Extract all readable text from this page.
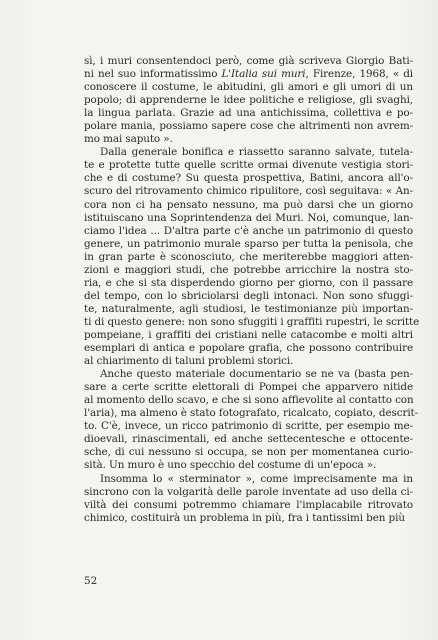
sì, i muri consentendoci però, come già scriveva Giorgio Bati-
ni nel suo informatissimo L'Italia sui muri, Firenze, 1968, « di
conoscere il costume, le abitudini, gli amori e gli umori di un
popolo; di apprenderne le idee politiche e religiose, gli svaghi,
la lingua parlata. Grazie ad una antichissima, collettiva e po-
polare mania, possiamo sapere cose che altrimenti non avrem-
mo mai saputo ».
Dalla generale bonifica e riassetto saranno salvate, tutela-
te e protette tutte quelle scritte ormai divenute vestigia stori-
che e di costume? Su questa prospettiva, Batini, ancora all'o-
scuro del ritrovamento chimico ripulitore, così seguitava: « An-
cora non ci ha pensato nessuno, ma può darsi che un giorno
istituiscano una Soprintendenza dei Muri. Noi, comunque, lan-
ciamo l'idea ... D'altra parte c'è anche un patrimonio di questo
genere, un patrimonio murale sparso per tutta la penisola, che
in gran parte è sconosciuto, che meriterebbe maggiori atten-
zioni e maggiori studi, che potrebbe arricchire la nostra sto-
ria, e che si sta disperdendo giorno per giorno, con il passare
del tempo, con lo sbriciolarsi degli intonaci. Non sono sfuggi-
te, naturalmente, agli studiosi, le testimonianze più importan-
ti di questo genere: non sono sfuggiti i graffiti rupestri, le scritte
pompeiane, i graffiti dei cristiani nelle catacombe e molti altri
esemplari di antica e popolare grafia, che possono contribuire
al chiarimento di taluni problemi storici.
Anche questo materiale documentario se ne va (basta pen-
sare a certe scritte elettorali di Pompei che apparvero nitide
al momento dello scavo, e che si sono affievolite al contatto con
l'aria), ma almeno è stato fotografato, ricalcato, copiato, descrit-
to. C'è, invece, un ricco patrimonio di scritte, per esempio me-
dioevali, rinascimentali, ed anche settecentesche e ottocente-
sche, di cui nessuno si occupa, se non per momentanea curio-
sità. Un muro è uno specchio del costume di un'epoca ».
Insomma lo « sterminator », come imprecisamente ma in
sincrono con la volgarità delle parole inventate ad uso della ci-
viltà dei consumi potremmo chiamare l'implacabile ritrovato
chimico, costituirà un problema in più, fra i tantissimi ben più
52
